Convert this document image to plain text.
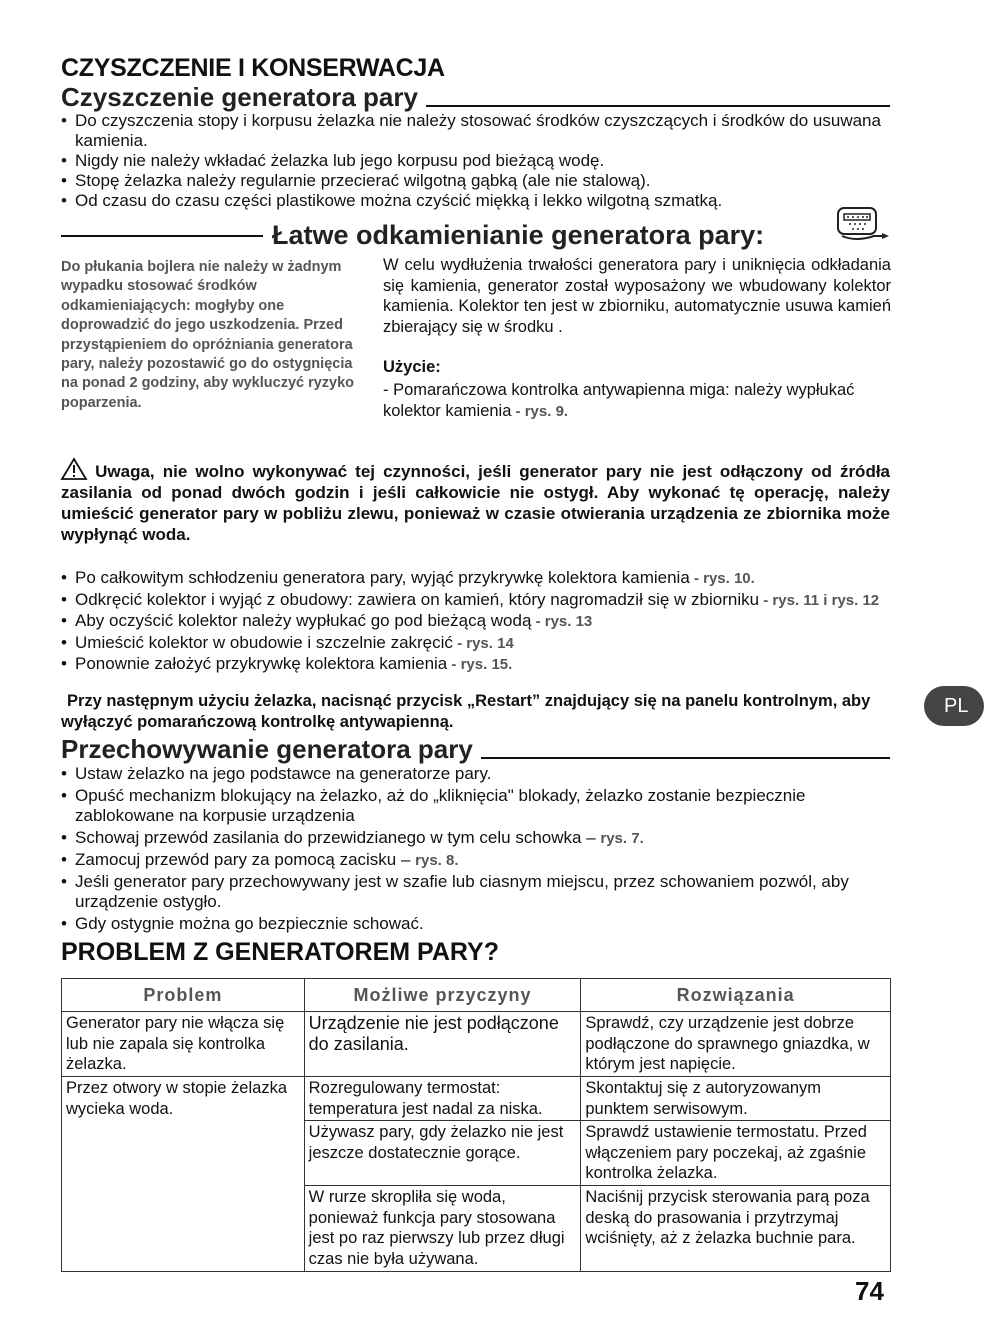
CZYSZCZENIE I KONSERWACJA
Czyszczenie generatora pary
• Do czyszczenia stopy i korpusu żelazka nie należy stosować środków czyszczących i środków do usuwana kamienia.
• Nigdy nie należy wkładać żelazka lub jego korpusu pod bieżącą wodę.
• Stopę żelazka należy regularnie przecierać wilgotną gąbką (ale nie stalową).
• Od czasu do czasu części plastikowe można czyścić miękką i lekko wilgotną szmatką.
Łatwe odkamienianie generatora pary:
Do płukania bojlera nie należy w żadnym wypadku stosować środków odkamieniających: mogłyby one doprowadzić do jego uszkodzenia. Przed przystąpieniem do opróżniania generatora pary, należy pozostawić go do ostygnięcia na ponad 2 godziny, aby wykluczyć ryzyko poparzenia.
W celu wydłużenia trwałości generatora pary i uniknięcia odkładania się kamienia, generator został wyposażony we wbudowany kolektor kamienia. Kolektor ten jest w zbiorniku, automatycznie usuwa kamień zbierający się w środku .
Użycie:
- Pomarańczowa kontrolka antywapienna miga: należy wypłukać kolektor kamienia - rys. 9.
Uwaga, nie wolno wykonywać tej czynności, jeśli generator pary nie jest odłączony od źródła zasilania od ponad dwóch godzin i jeśli całkowicie nie ostygł. Aby wykonać tę operację, należy umieścić generator pary w pobliżu zlewu, ponieważ w czasie otwierania urządzenia ze zbiornika może wypłynąć woda.
• Po całkowitym schłodzeniu generatora pary, wyjąć przykrywkę kolektora kamienia - rys. 10.
• Odkręcić kolektor i wyjąć z obudowy: zawiera on kamień, który nagromadził się w zbiorniku - rys. 11 i rys. 12
• Aby oczyścić kolektor należy wypłukać go pod bieżącą wodą - rys. 13
• Umieścić kolektor w obudowie i szczelnie zakręcić - rys. 14
• Ponownie założyć przykrywkę kolektora kamienia - rys. 15.
Przy następnym użyciu żelazka, nacisnąć przycisk „Restart” znajdujący się na panelu kontrolnym, aby wyłączyć pomarańczową kontrolkę antywapienną.
PL
Przechowywanie generatora pary
• Ustaw żelazko na jego podstawce na generatorze pary.
• Opuść mechanizm blokujący na żelazko, aż do „kliknięcia" blokady, żelazko zostanie bezpiecznie zablokowane na korpusie urządzenia
• Schowaj przewód zasilania do przewidzianego w tym celu schowka – rys. 7.
• Zamocuj przewód pary za pomocą zacisku – rys. 8.
• Jeśli generator pary przechowywany jest w szafie lub ciasnym miejscu, przez schowaniem pozwól, aby urządzenie ostygło.
• Gdy ostygnie można go bezpiecznie schować.
PROBLEM Z GENERATOREM PARY?
Problem	Możliwe przyczyny	Rozwiązania
Generator pary nie włącza się lub nie zapala się kontrolka żelazka.	Urządzenie nie jest podłączone do zasilania.	Sprawdź, czy urządzenie jest dobrze podłączone do sprawnego gniazdka, w którym jest napięcie.
Przez otwory w stopie żelazka wycieka woda.	Rozregulowany termostat: temperatura jest nadal za niska.	Skontaktuj się z autoryzowanym punktem serwisowym.
	Używasz pary, gdy żelazko nie jest jeszcze dostatecznie gorące.	Sprawdź ustawienie termostatu. Przed włączeniem pary poczekaj, aż zgaśnie kontrolka żelazka.
	W rurze skropliła się woda, ponieważ funkcja pary stosowana jest po raz pierwszy lub przez długi czas nie była używana.	Naciśnij przycisk sterowania parą poza deską do prasowania i przytrzymaj wciśnięty, aż z żelazka buchnie para.
74
